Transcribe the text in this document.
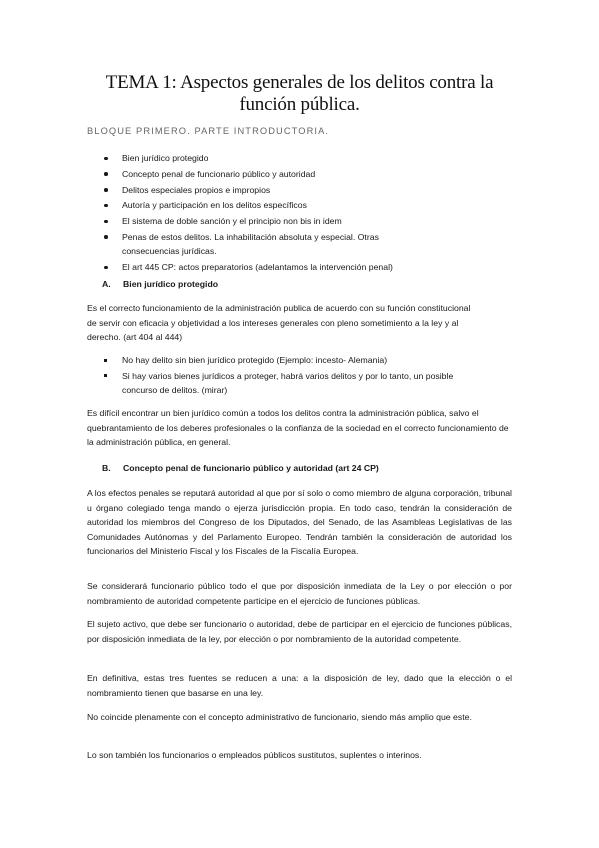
TEMA 1: Aspectos generales de los delitos contra la función pública.
BLOQUE PRIMERO. PARTE INTRODUCTORIA.
Bien jurídico protegido
Concepto penal de funcionario público y autoridad
Delitos especiales propios e impropios
Autoría y participación en los delitos específicos
El sistema de doble sanción y el principio non bis in idem
Penas de estos delitos. La inhabilitación absoluta y especial. Otras consecuencias jurídicas.
El art 445 CP: actos preparatorios (adelantamos la intervención penal)
A. Bien jurídico protegido

Es el correcto funcionamiento de la administración publica de acuerdo con su función constitucional de servir con eficacia y objetividad a los intereses generales con pleno sometimiento a la ley y al derecho. (art 404 al 444)

No hay delito sin bien jurídico protegido (Ejemplo: incesto- Alemania)
Si hay varios bienes jurídicos a proteger, habrá varios delitos y por lo tanto, un posible concurso de delitos. (mirar)

Es difícil encontrar un bien jurídico común a todos los delitos contra la administración pública, salvo el quebrantamiento de los deberes profesionales o la confianza de la sociedad en el correcto funcionamiento de la administración pública, en general.

B. Concepto penal de funcionario público y autoridad (art 24 CP)

A los efectos penales se reputará autoridad al que por sí solo o como miembro de alguna corporación, tribunal u órgano colegiado tenga mando o ejerza jurisdicción propia. En todo caso, tendrán la consideración de autoridad los miembros del Congreso de los Diputados, del Senado, de las Asambleas Legislativas de las Comunidades Autónomas y del Parlamento Europeo. Tendrán también la consideración de autoridad los funcionarios del Ministerio Fiscal y los Fiscales de la Fiscalía Europea.

Se considerará funcionario público todo el que por disposición inmediata de la Ley o por elección o por nombramiento de autoridad competente participe en el ejercicio de funciones públicas.

El sujeto activo, que debe ser funcionario o autoridad, debe de participar en el ejercicio de funciones públicas, por disposición inmediata de la ley, por elección o por nombramiento de la autoridad competente.

En definitiva, estas tres fuentes se reducen a una: a la disposición de ley, dado que la elección o el nombramiento tienen que basarse en una ley.

No coincide plenamente con el concepto administrativo de funcionario, siendo más amplio que este.

Lo son también los funcionarios o empleados públicos sustitutos, suplentes o interinos.
